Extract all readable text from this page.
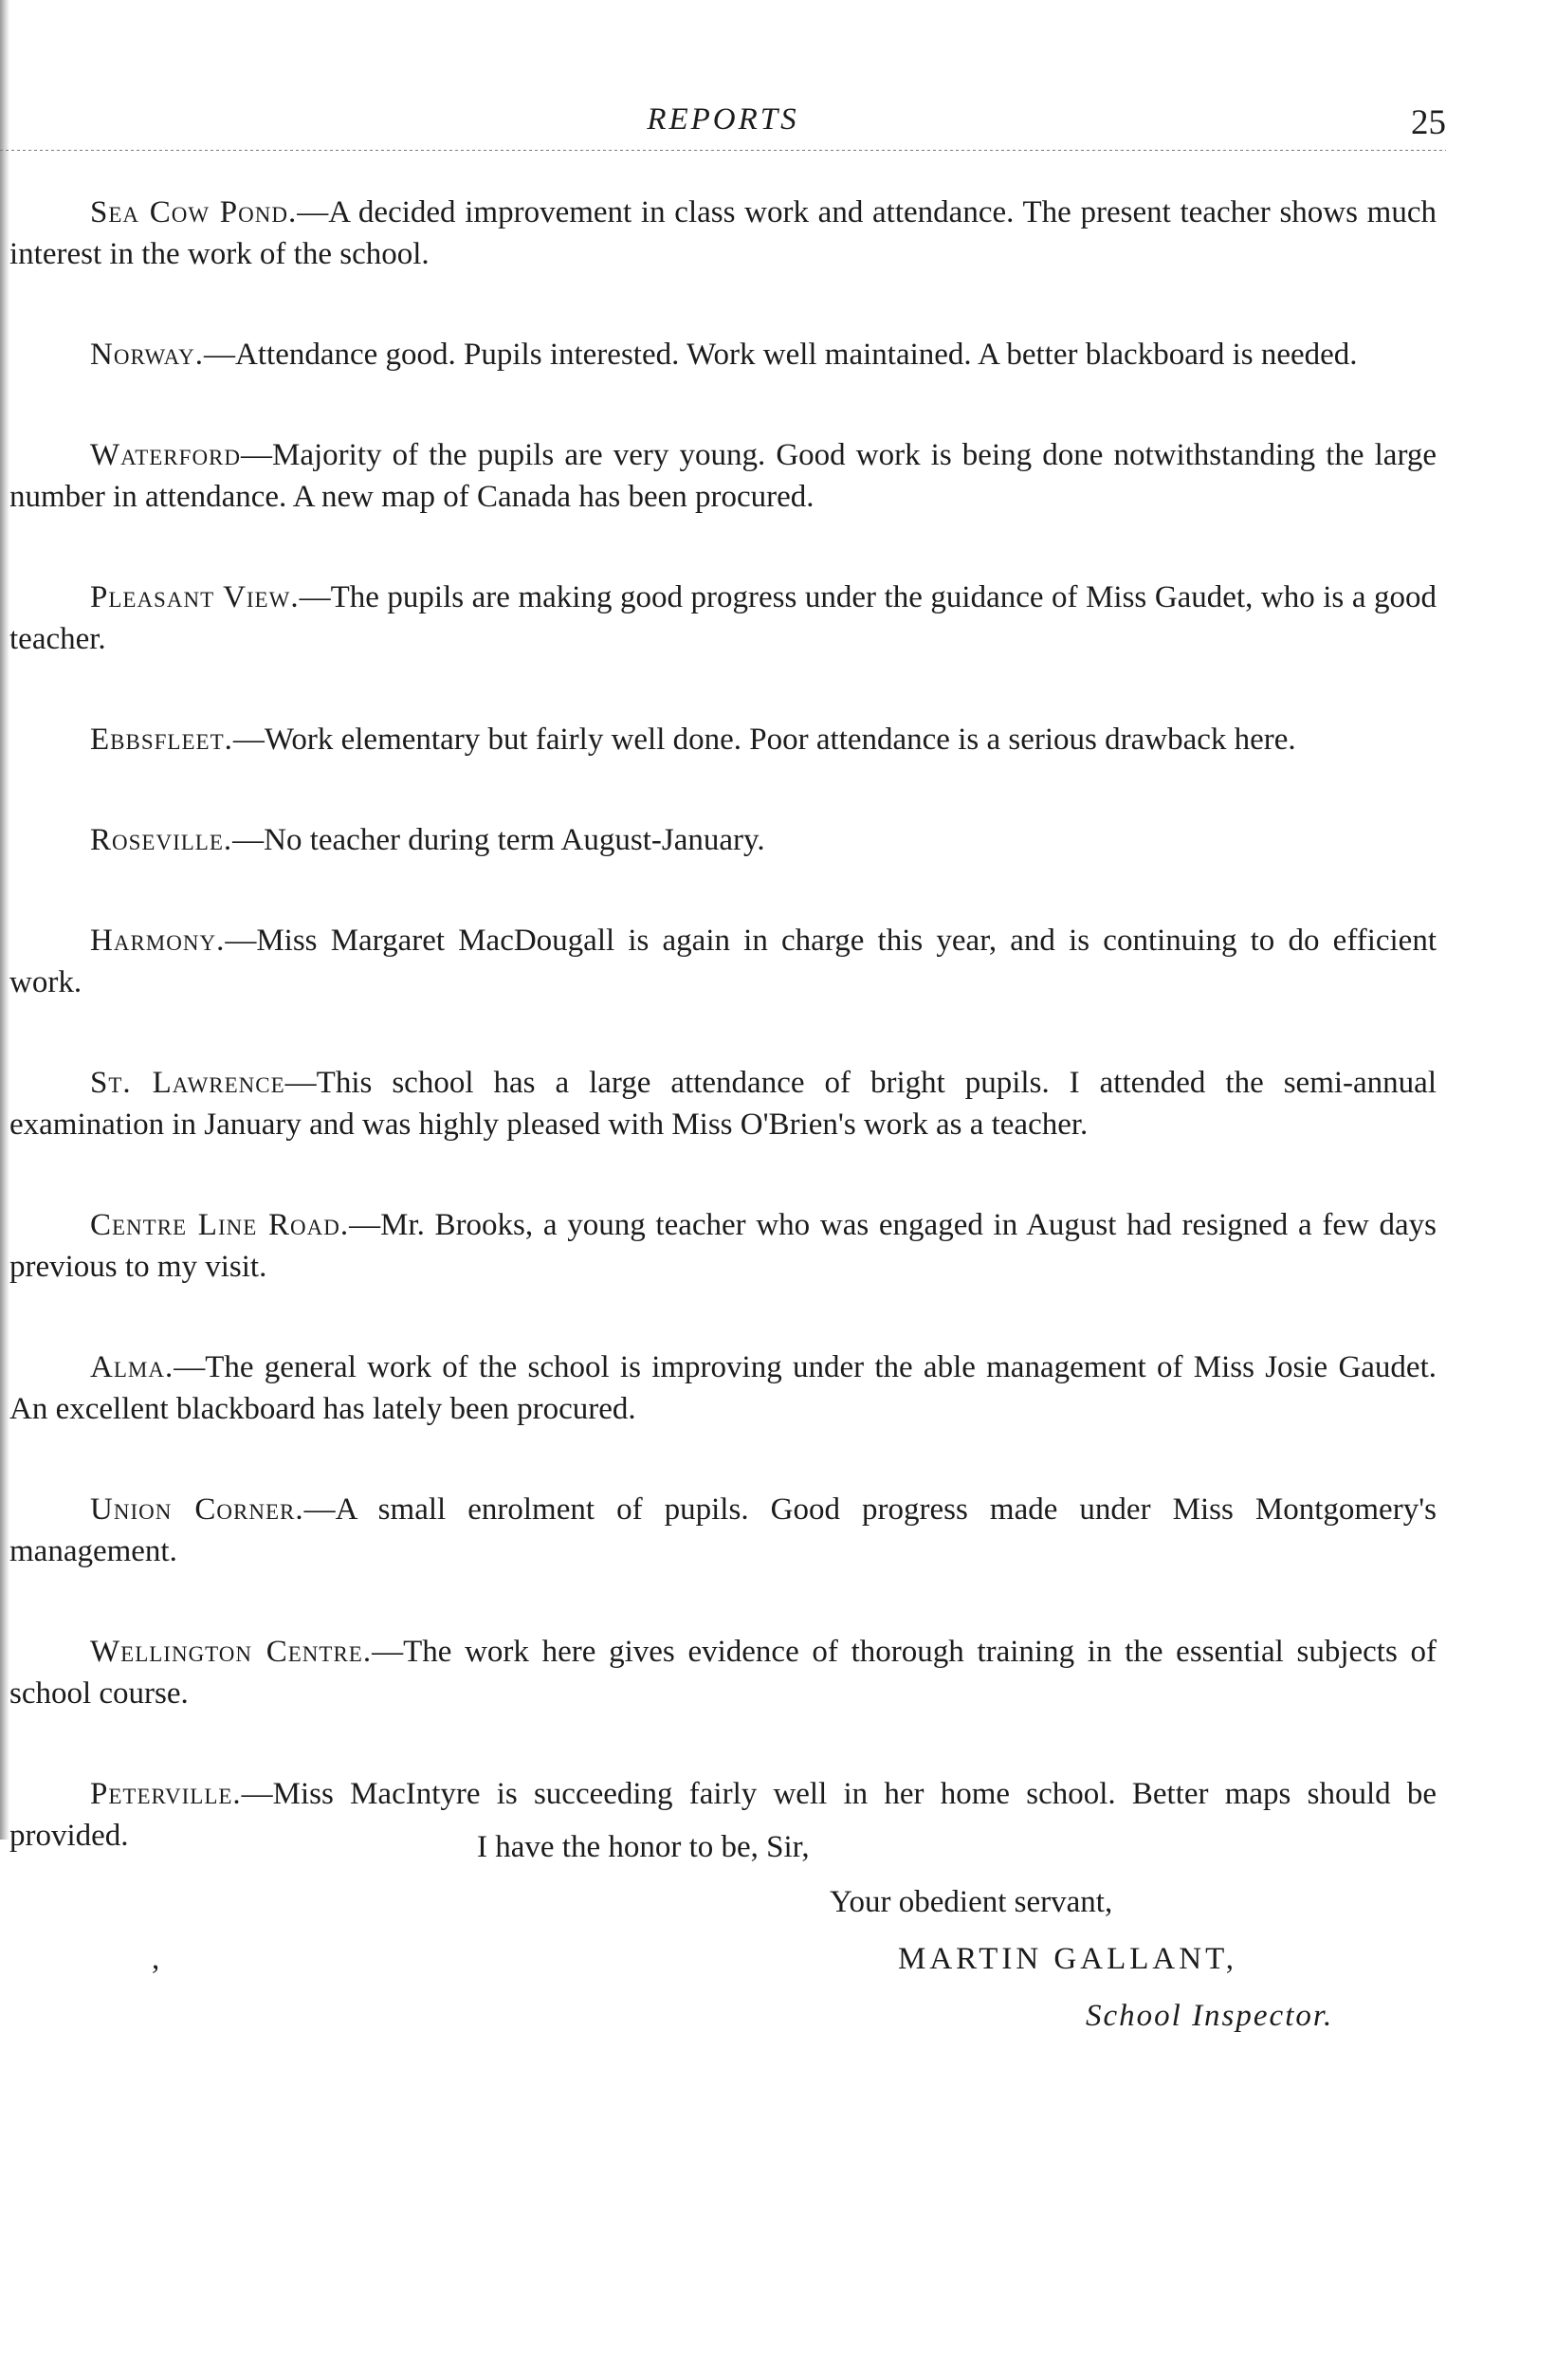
REPORTS	25

Sea Cow Pond.—A decided improvement in class work and attendance. The present teacher shows much interest in the work of the school.

Norway.—Attendance good. Pupils interested. Work well maintained. A better blackboard is needed.

Waterford—Majority of the pupils are very young. Good work is being done notwithstanding the large number in attendance. A new map of Canada has been procured.

Pleasant View.—The pupils are making good progress under the guidance of Miss Gaudet, who is a good teacher.

Ebbsfleet.—Work elementary but fairly well done. Poor attendance is a serious drawback here.

Roseville.—No teacher during term August-January.

Harmony.—Miss Margaret MacDougall is again in charge this year, and is continuing to do efficient work.

St. Lawrence—This school has a large attendance of bright pupils. I attended the semi-annual examination in January and was highly pleased with Miss O'Brien's work as a teacher.

Centre Line Road.—Mr. Brooks, a young teacher who was engaged in August had resigned a few days previous to my visit.

Alma.—The general work of the school is improving under the able management of Miss Josie Gaudet. An excellent blackboard has lately been procured.

Union Corner.—A small enrolment of pupils. Good progress made under Miss Montgomery's management.

Wellington Centre.—The work here gives evidence of thorough training in the essential subjects of school course.

Peterville.—Miss MacIntyre is succeeding fairly well in her home school. Better maps should be provided.	I have the honor to be, Sir,
Your obedient servant,
,	MARTIN GALLANT,
School Inspector.
